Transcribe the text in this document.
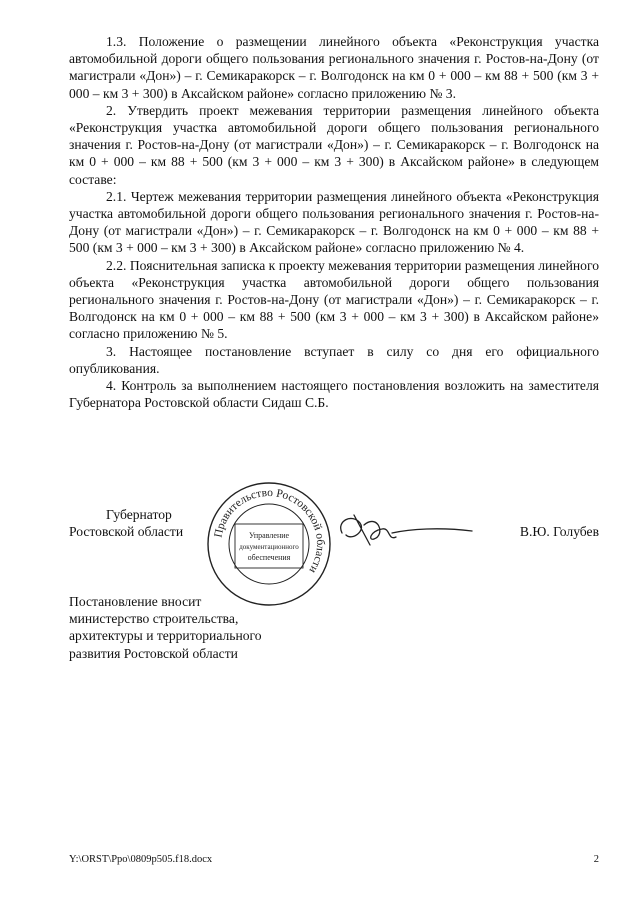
1.3. Положение о размещении линейного объекта «Реконструкция участка автомобильной дороги общего пользования регионального значения г. Ростов-на-Дону (от магистрали «Дон») – г. Семикаракорск – г. Волгодонск на км 0 + 000 – км 88 + 500 (км 3 + 000 – км 3 + 300) в Аксайском районе» согласно приложению № 3.

2. Утвердить проект межевания территории размещения линейного объекта «Реконструкция участка автомобильной дороги общего пользования регионального значения г. Ростов-на-Дону (от магистрали «Дон») – г. Семикаракорск – г. Волгодонск на км 0 + 000 – км 88 + 500 (км 3 + 000 – км 3 + 300) в Аксайском районе» в следующем составе:

2.1. Чертеж межевания территории размещения линейного объекта «Реконструкция участка автомобильной дороги общего пользования регионального значения г. Ростов-на-Дону (от магистрали «Дон») – г. Семикаракорск – г. Волгодонск на км 0 + 000 – км 88 + 500 (км 3 + 000 – км 3 + 300) в Аксайском районе» согласно приложению № 4.

2.2. Пояснительная записка к проекту межевания территории размещения линейного объекта «Реконструкция участка автомобильной дороги общего пользования регионального значения г. Ростов-на-Дону (от магистрали «Дон») – г. Семикаракорск – г. Волгодонск на км 0 + 000 – км 88 + 500 (км 3 + 000 – км 3 + 300) в Аксайском районе» согласно приложению № 5.

3. Настоящее постановление вступает в силу со дня его официального опубликования.

4. Контроль за выполнением настоящего постановления возложить на заместителя Губернатора Ростовской области Сидаш С.Б.

Губернатор
Ростовской области	Правительство Ростовской области
Управление
документационного
обеспечения
В.Ю. Голубев
Постановление вносит
министерство строительства,
архитектуры и территориального
развития Ростовской области
Y:\ORST\Ppo\0809p505.f18.docx	2
